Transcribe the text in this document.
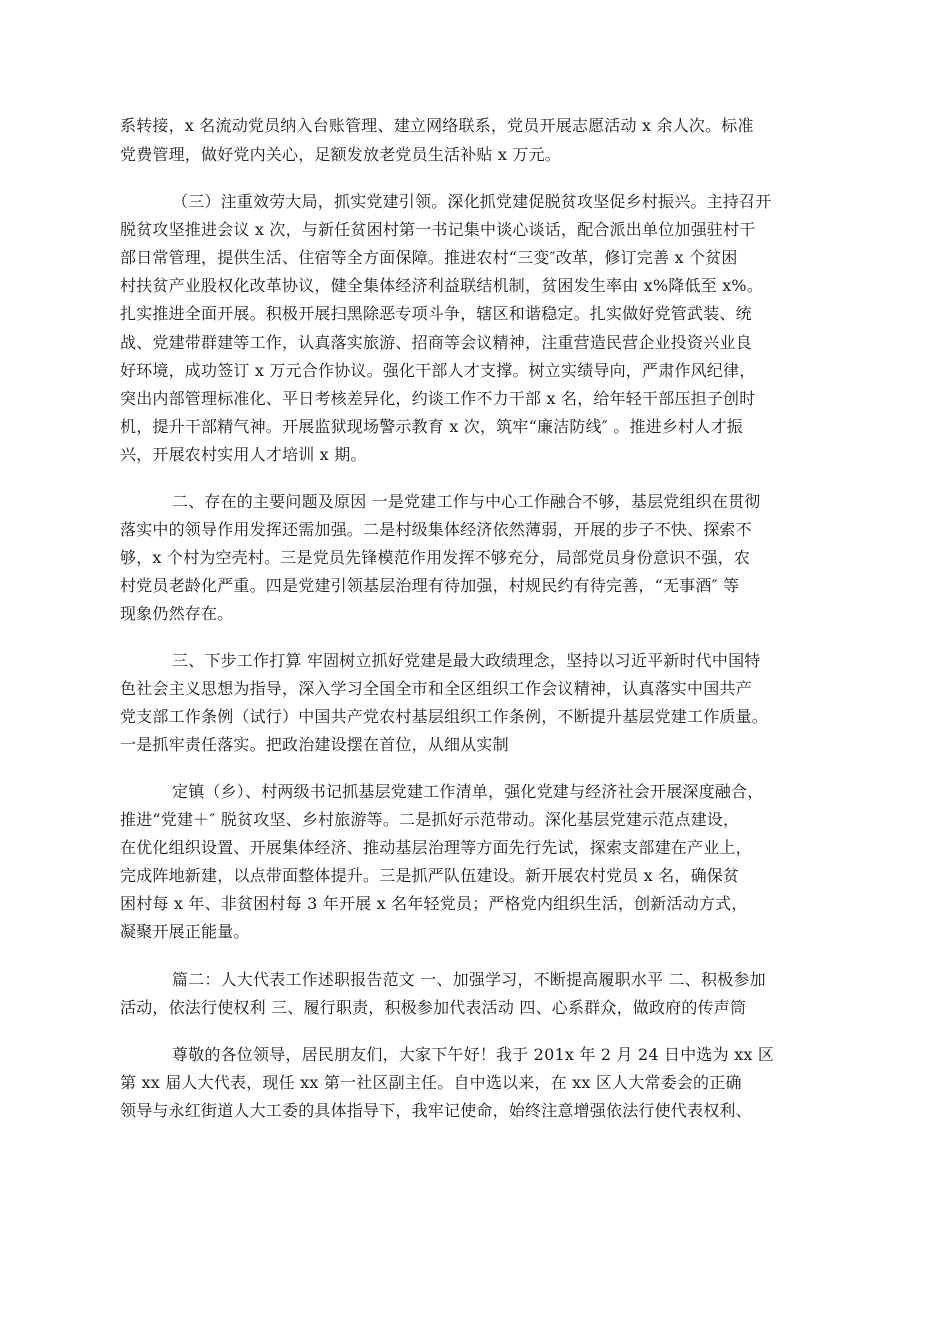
系转接，x 名流动党员纳入台账管理、建立网络联系，党员开展志愿活动 x 余人次。标准
党费管理，做好党内关心，足额发放老党员生活补贴 x 万元。
（三）注重效劳大局，抓实党建引领。深化抓党建促脱贫攻坚促乡村振兴。主持召开
脱贫攻坚推进会议 x 次，与新任贫困村第一书记集中谈心谈话，配合派出单位加强驻村干
部日常管理，提供生活、住宿等全方面保障。推进农村“三变″改革，修订完善 x 个贫困
村扶贫产业股权化改革协议，健全集体经济利益联结机制，贫困发生率由 x%降低至 x%。
扎实推进全面开展。积极开展扫黑除恶专项斗争，辖区和谐稳定。扎实做好党管武装、统
战、党建带群建等工作，认真落实旅游、招商等会议精神，注重营造民营企业投资兴业良
好环境，成功签订 x 万元合作协议。强化干部人才支撑。树立实绩导向，严肃作风纪律，
突出内部管理标准化、平日考核差异化，约谈工作不力干部 x 名，给年轻干部压担子创时
机，提升干部精气神。开展监狱现场警示教育 x 次，筑牢“廉洁防线″ 。推进乡村人才振
兴，开展农村实用人才培训 x 期。
二、存在的主要问题及原因 一是党建工作与中心工作融合不够，基层党组织在贯彻
落实中的领导作用发挥还需加强。二是村级集体经济依然薄弱，开展的步子不快、探索不
够，x 个村为空壳村。三是党员先锋模范作用发挥不够充分，局部党员身份意识不强，农
村党员老龄化严重。四是党建引领基层治理有待加强，村规民约有待完善，“无事酒″ 等
现象仍然存在。
三、下步工作打算 牢固树立抓好党建是最大政绩理念，坚持以习近平新时代中国特
色社会主义思想为指导，深入学习全国全市和全区组织工作会议精神，认真落实中国共产
党支部工作条例（试行）中国共产党农村基层组织工作条例，不断提升基层党建工作质量。
一是抓牢责任落实。把政治建设摆在首位，从细从实制
定镇（乡）、村两级书记抓基层党建工作清单，强化党建与经济社会开展深度融合，
推进“党建＋″ 脱贫攻坚、乡村旅游等。二是抓好示范带动。深化基层党建示范点建设，
在优化组织设置、开展集体经济、推动基层治理等方面先行先试，探索支部建在产业上，
完成阵地新建，以点带面整体提升。三是抓严队伍建设。新开展农村党员 x 名，确保贫
困村每 x 年、非贫困村每 3 年开展 x 名年轻党员；严格党内组织生活，创新活动方式，
凝聚开展正能量。
篇二：人大代表工作述职报告范文 一、加强学习，不断提高履职水平 二、积极参加
活动，依法行使权利 三、履行职责，积极参加代表活动 四、心系群众，做政府的传声筒
尊敬的各位领导，居民朋友们，大家下午好！我于 201x 年 2 月 24 日中选为 xx 区
第 xx 届人大代表，现任 xx 第一社区副主任。自中选以来，在 xx 区人大常委会的正确
领导与永红街道人大工委的具体指导下，我牢记使命，始终注意增强依法行使代表权利、
